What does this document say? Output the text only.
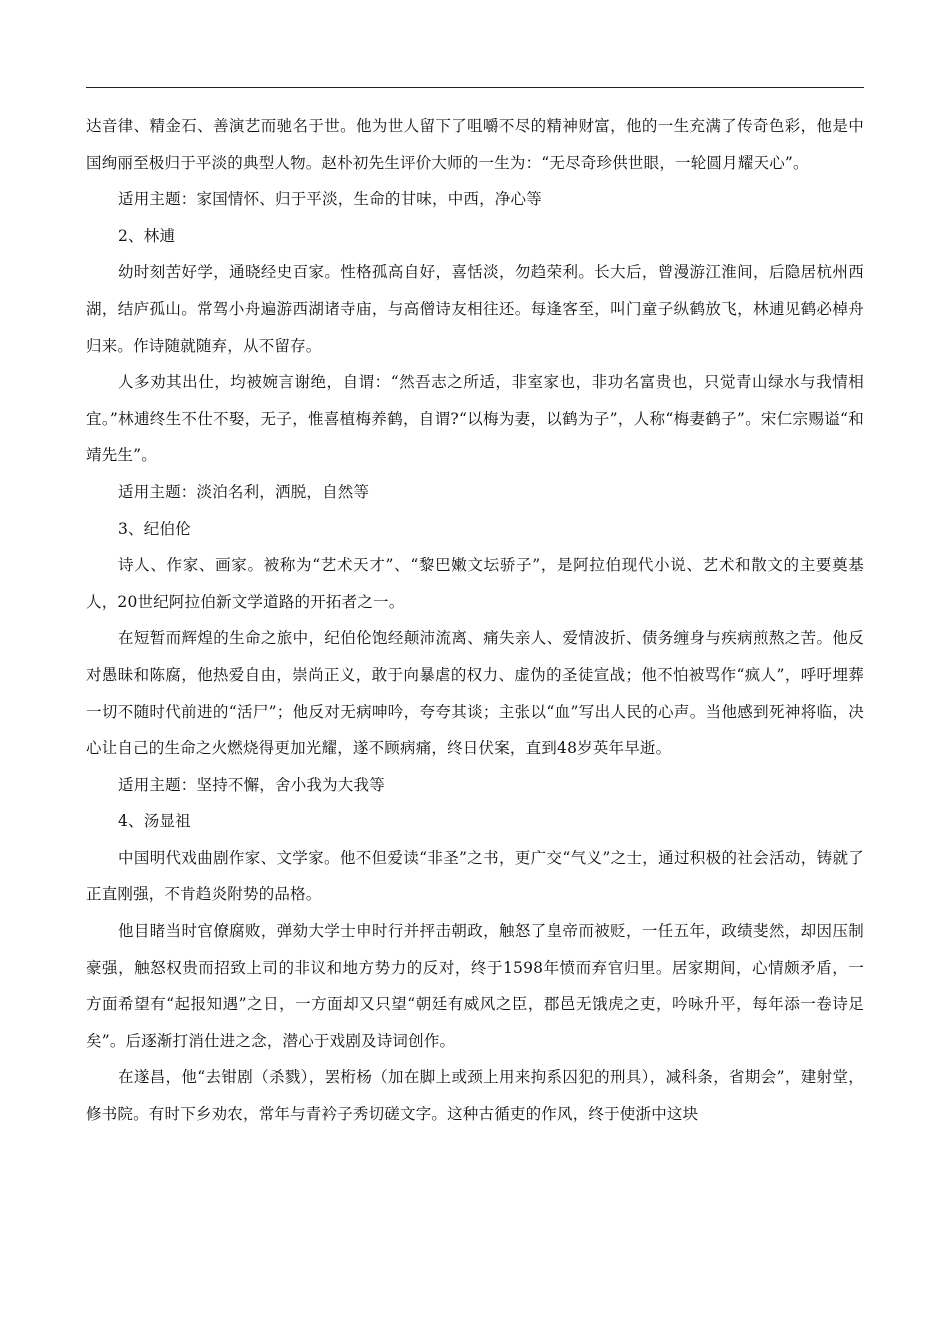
达音律、精金石、善演艺而驰名于世。他为世人留下了咀嚼不尽的精神财富，他的一生充满了传奇色彩，他是中国绚丽至极归于平淡的典型人物。赵朴初先生评价大师的一生为：“无尽奇珍供世眼，一轮圆月耀天心”。

适用主题：家国情怀、归于平淡，生命的甘味，中西，净心等

2、林逋

幼时刻苦好学，通晓经史百家。性格孤高自好，喜恬淡，勿趋荣利。长大后，曾漫游江淮间，后隐居杭州西湖，结庐孤山。常驾小舟遍游西湖诸寺庙，与高僧诗友相往还。每逢客至，叫门童子纵鹤放飞，林逋见鹤必棹舟归来。作诗随就随弃，从不留存。

人多劝其出仕，均被婉言谢绝，自谓：“然吾志之所适，非室家也，非功名富贵也，只觉青山绿水与我情相宜。”林逋终生不仕不娶，无子，惟喜植梅养鹤，自谓?“以梅为妻，以鹤为子”，人称“梅妻鹤子”。宋仁宗赐谥“和靖先生”。

适用主题：淡泊名利，洒脱，自然等

3、纪伯伦

诗人、作家、画家。被称为“艺术天才”、“黎巴嫩文坛骄子”，是阿拉伯现代小说、艺术和散文的主要奠基人，20世纪阿拉伯新文学道路的开拓者之一。

在短暂而辉煌的生命之旅中，纪伯伦饱经颠沛流离、痛失亲人、爱情波折、债务缠身与疾病煎熬之苦。他反对愚昧和陈腐，他热爱自由，崇尚正义，敢于向暴虐的权力、虚伪的圣徒宣战；他不怕被骂作“疯人”，呼吁埋葬一切不随时代前进的“活尸”；他反对无病呻吟，夸夸其谈；主张以“血”写出人民的心声。当他感到死神将临，决心让自己的生命之火燃烧得更加光耀，遂不顾病痛，终日伏案，直到48岁英年早逝。

适用主题：坚持不懈，舍小我为大我等

4、汤显祖

中国明代戏曲剧作家、文学家。他不但爱读“非圣”之书，更广交“气义”之士，通过积极的社会活动，铸就了正直刚强，不肯趋炎附势的品格。

他目睹当时官僚腐败，弹劾大学士申时行并抨击朝政，触怒了皇帝而被贬，一任五年，政绩斐然，却因压制豪强，触怒权贵而招致上司的非议和地方势力的反对，终于1598年愤而弃官归里。居家期间，心情颇矛盾，一方面希望有“起报知遇”之日，一方面却又只望“朝廷有威风之臣，郡邑无饿虎之吏，吟咏升平，每年添一卷诗足矣”。后逐渐打消仕进之念，潜心于戏剧及诗词创作。

在遂昌，他“去钳剧（杀戮），罢桁杨（加在脚上或颈上用来拘系囚犯的刑具），减科条，省期会”，建射堂，修书院。有时下乡劝农，常年与青衿子秀切磋文字。这种古循吏的作风，终于使浙中这块
